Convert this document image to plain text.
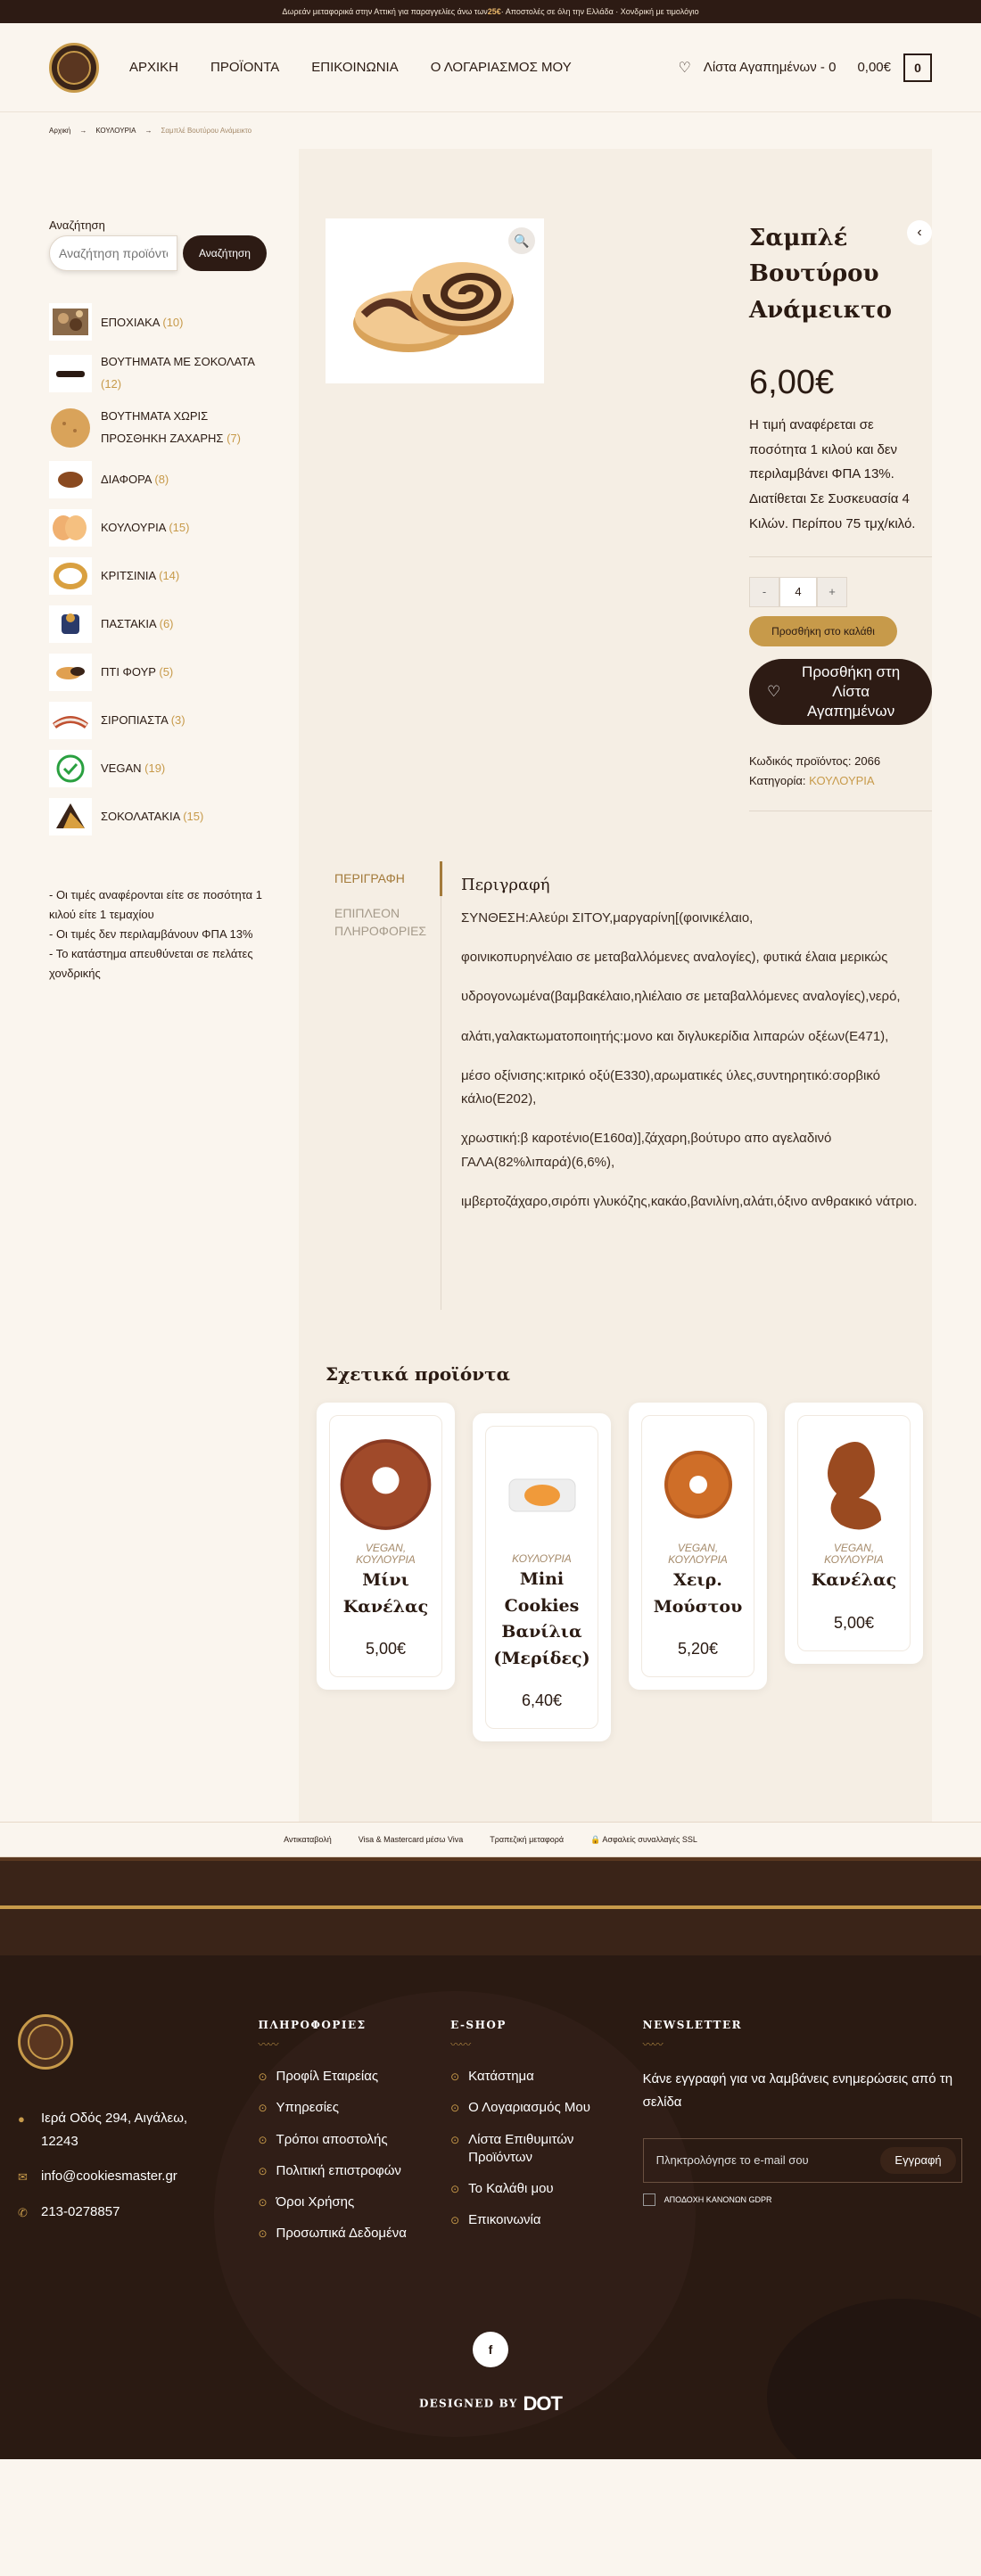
Δωρεάν μεταφορικά στην Αττική για παραγγελίες άνω των 25€ · Αποστολές σε όλη την Ελλάδα · Χονδρική με τιμολόγιο
ΑΡΧΙΚΗ ΠΡΟΪΟΝΤΑ ΕΠΙΚΟΙΝΩΝΙΑ Ο ΛΟΓΑΡΙΑΣΜΟΣ ΜΟΥ	♡ Λίστα Αγαπημένων - 0 0,00€ 0
Αρχική → ΚΟΥΛΟΥΡΙΑ → Σαμπλέ Βουτύρου Ανάμεικτο
Αναζήτηση
Αναζήτηση προϊόντων…
Αναζήτηση
ΕΠΟΧΙΑΚΑ (10)
ΒΟΥΤΗΜΑΤΑ ΜΕ ΣΟΚΟΛΑΤΑ
(12)
ΒΟΥΤΗΜΑΤΑ ΧΩΡΙΣ ΠΡΟΣΘΗΚΗ ΖΑΧΑΡΗΣ (7)
ΔΙΑΦΟΡΑ (8)
ΚΟΥΛΟΥΡΙΑ (15)
ΚΡΙΤΣΙΝΙΑ (14)
ΠΑΣΤΑΚΙΑ (6)
ΠΤΙ ΦΟΥΡ (5)
ΣΙΡΟΠΙΑΣΤΑ (3)
VEGAN (19)
ΣΟΚΟΛΑΤΑΚΙΑ (15)
- Οι τιμές αναφέρονται είτε σε ποσότητα 1 κιλού είτε 1 τεμαχίου
- Οι τιμές δεν περιλαμβάνουν ΦΠΑ 13%
- Το κατάστημα απευθύνεται σε πελάτες χονδρικής
🔍	Σαμπλέ Βουτύρου Ανάμεικτο
6,00€
Η τιμή αναφέρεται σε ποσότητα 1 κιλού και δεν περιλαμβάνει ΦΠΑ 13%. Διατίθεται Σε Συσκευασία 4 Κιλών. Περίπου 75 τμχ/κιλό.
-	4	+
Προσθήκη στο καλάθι
♡
Προσθήκη στη Λίστα Αγαπημένων
Κωδικός προϊόντος: 2066
Κατηγορία: ΚΟΥΛΟΥΡΙΑ
‹
ΠΕΡΙΓΡΑΦΗ
ΕΠΙΠΛΕΟΝ ΠΛΗΡΟΦΟΡΙΕΣ
Περιγραφή

ΣΥΝΘΕΣΗ:Αλεύρι ΣΙΤΟΥ,μαργαρίνη[(φοινικέλαιο,

φοινικοπυρηνέλαιο σε μεταβαλλόμενες αναλογίες), φυτικά έλαια μερικώς

υδρογονωμένα(βαμβακέλαιο,ηλιέλαιο σε μεταβαλλόμενες αναλογίες),νερό,

αλάτι,γαλακτωματοποιητής:μονο και διγλυκερίδια λιπαρών οξέων(Ε471),

μέσο οξίνισης:κιτρικό οξύ(Ε330),αρωματικές ύλες,συντηρητικό:σορβικό κάλιο(Ε202),

χρωστική:β καροτένιο(Ε160α)],ζάχαρη,βούτυρο απο αγελαδινό ΓΑΛΑ(82%λιπαρά)(6,6%),

ιμβερτοζάχαρο,σιρόπι γλυκόζης,κακάο,βανιλίνη,αλάτι,όξινο ανθρακικό νάτριο.

Σχετικά προϊόντα
VEGAN, ΚΟΥΛΟΥΡΙΑ
Μίνι Κανέλας
5,00€
ΚΟΥΛΟΥΡΙΑ
Mini Cookies Βανίλια (Μερίδες)
6,40€
VEGAN, ΚΟΥΛΟΥΡΙΑ
Χειρ. Μούστου
5,20€
VEGAN, ΚΟΥΛΟΥΡΙΑ
Κανέλας
5,00€
Αντικαταβολή	Visa & Mastercard μέσω Viva	Τραπεζική μεταφορά	🔒 Ασφαλείς συναλλαγές SSL
● Ιερά Οδός 294, Αιγάλεω, 12243
✉ info@cookiesmaster.gr
✆ 213-0278857
ΠΛΗΡΟΦΟΡΙΕΣ
〰〰
⊙ Προφίλ Εταιρείας
⊙ Υπηρεσίες
⊙ Τρόποι αποστολής
⊙ Πολιτική επιστροφών
⊙ Όροι Χρήσης
⊙ Προσωπικά Δεδομένα
E-SHOP
〰〰
⊙ Κατάστημα
⊙ Ο Λογαριασμός Μου
⊙ Λίστα Επιθυμιτών Προϊόντων
⊙ Το Καλάθι μου
⊙ Επικοινωνία
NEWSLETTER
〰〰
Κάνε εγγραφή για να λαμβάνεις ενημερώσεις από τη σελίδα
Πληκτρολόγησε το e-mail σου	Εγγραφή
ΑΠΟΔΟΧΗ ΚΑΝΟΝΩΝ GDPR
f
DESIGNED BY DOT
